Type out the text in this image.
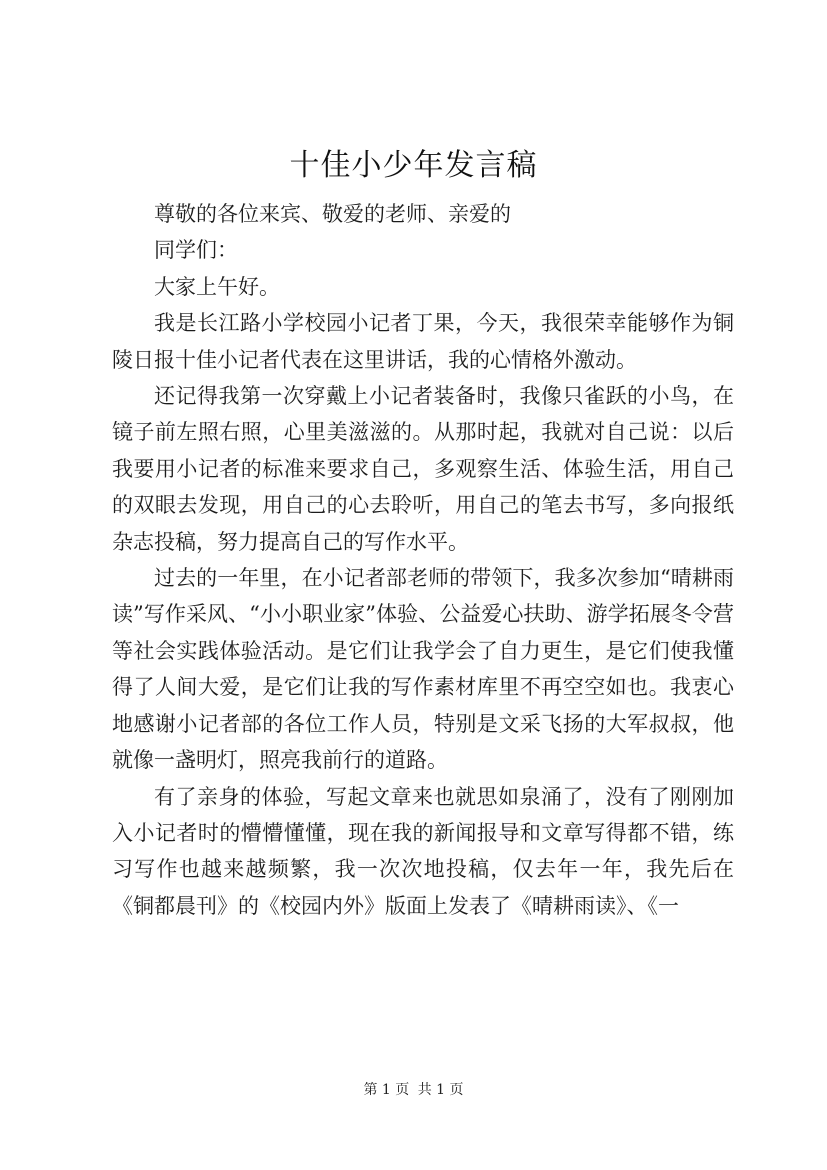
十佳小少年发言稿

尊敬的各位来宾、敬爱的老师、亲爱的

同学们：

大家上午好。

我是长江路小学校园小记者丁果，今天，我很荣幸能够作为铜陵日报十佳小记者代表在这里讲话，我的心情格外激动。

还记得我第一次穿戴上小记者装备时，我像只雀跃的小鸟，在镜子前左照右照，心里美滋滋的。从那时起，我就对自己说：以后我要用小记者的标准来要求自己，多观察生活、体验生活，用自己的双眼去发现，用自己的心去聆听，用自己的笔去书写，多向报纸杂志投稿，努力提高自己的写作水平。

过去的一年里，在小记者部老师的带领下，我多次参加“晴耕雨读”写作采风、“小小职业家”体验、公益爱心扶助、游学拓展冬令营等社会实践体验活动。是它们让我学会了自力更生，是它们使我懂得了人间大爱，是它们让我的写作素材库里不再空空如也。我衷心地感谢小记者部的各位工作人员，特别是文采飞扬的大军叔叔，他就像一盏明灯，照亮我前行的道路。

有了亲身的体验，写起文章来也就思如泉涌了，没有了刚刚加入小记者时的懵懵懂懂，现在我的新闻报导和文章写得都不错，练习写作也越来越频繁，我一次次地投稿，仅去年一年，我先后在《铜都晨刊》的《校园内外》版面上发表了《晴耕雨读》、《一

第 1 页 共 1 页
